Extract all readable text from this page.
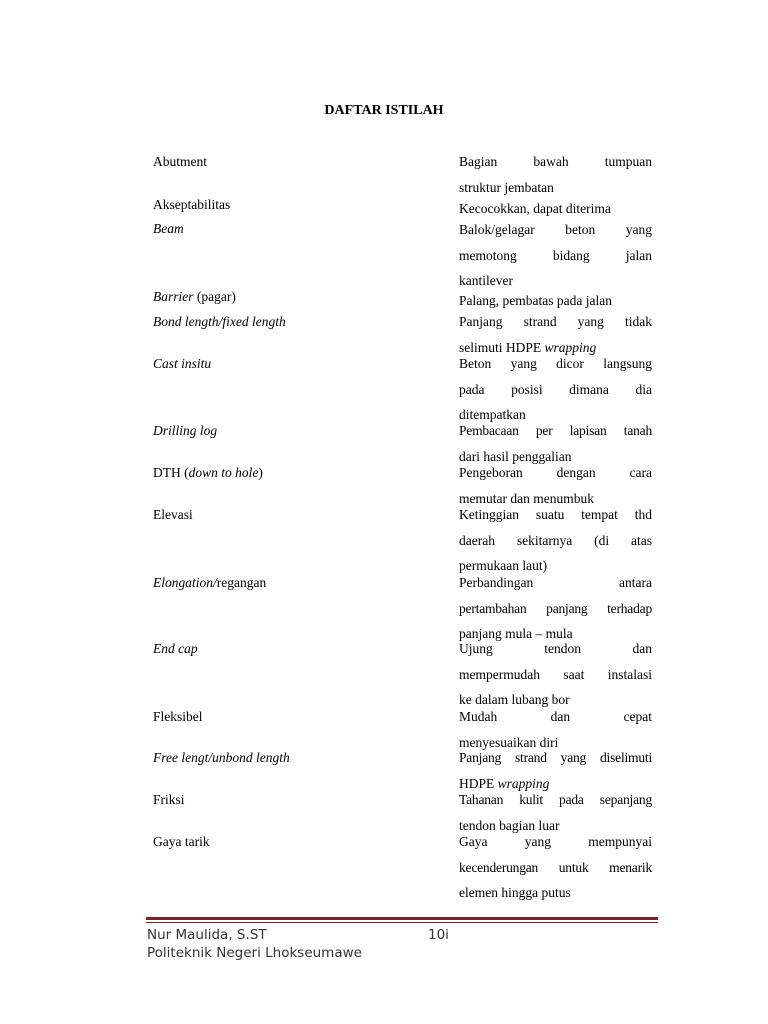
DAFTAR ISTILAH
Abutment	Bagian bawah tumpuan
struktur jembatan
Akseptabilitas	Kecocokkan, dapat diterima
Beam	Balok/gelagar beton yang
memotong bidang jalan
kantilever
Barrier (pagar)	Palang, pembatas pada jalan
Bond length/fixed length	Panjang strand yang tidak
selimuti HDPE wrapping
Cast insitu	Beton yang dicor langsung
pada posisi dimana dia
ditempatkan
Drilling log	Pembacaan per lapisan tanah
dari hasil penggalian
DTH (down to hole)	Pengeboran dengan cara
memutar dan menumbuk
Elevasi	Ketinggian suatu tempat thd
daerah sekitarnya (di atas
permukaan laut)
Elongation/regangan	Perbandingan antara
pertambahan panjang terhadap
panjang mula – mula
End cap	Ujung tendon dan
mempermudah saat instalasi
ke dalam lubang bor
Fleksibel	Mudah dan cepat
menyesuaikan diri
Free lengt/unbond length	Panjang strand yang diselimuti
HDPE wrapping
Friksi	Tahanan kulit pada sepanjang
tendon bagian luar
Gaya tarik	Gaya yang mempunyai
kecenderungan untuk menarik
elemen hingga putus
Nur Maulida, S.ST	10i
Politeknik Negeri Lhokseumawe
